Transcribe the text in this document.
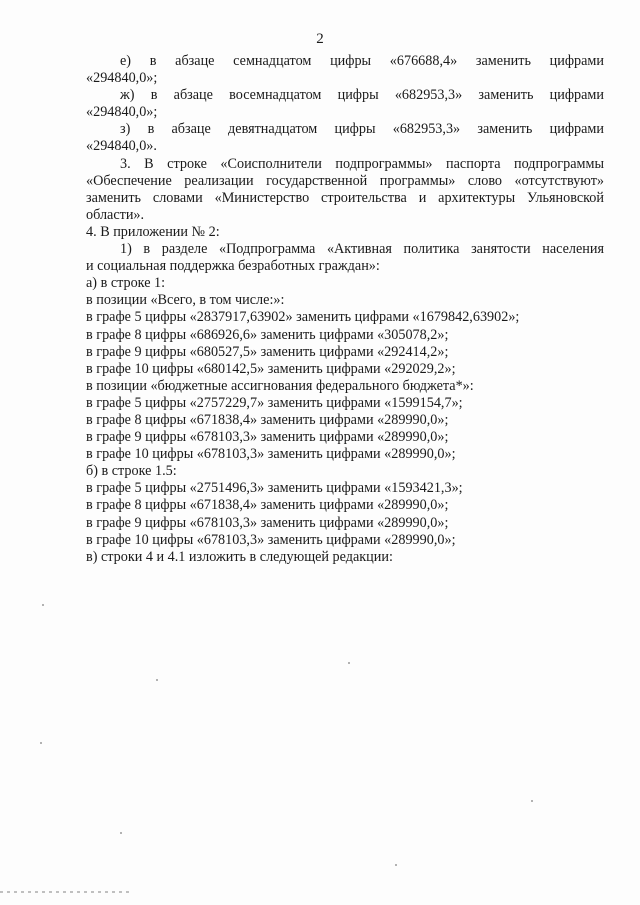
2

е) в абзаце семнадцатом цифры «676688,4» заменить цифрами

«294840,0»;

ж) в абзаце восемнадцатом цифры «682953,3» заменить цифрами

«294840,0»;

з) в абзаце девятнадцатом цифры «682953,3» заменить цифрами

«294840,0».

3. В строке «Соисполнители подпрограммы» паспорта подпрограммы

«Обеспечение реализации государственной программы» слово «отсутствуют»

заменить словами «Министерство строительства и архитектуры Ульяновской

области».

4. В приложении № 2:

1) в разделе «Подпрограмма «Активная политика занятости населения

и социальная поддержка безработных граждан»:

а) в строке 1:

в позиции «Всего, в том числе:»:

в графе 5 цифры «2837917,63902» заменить цифрами «1679842,63902»;

в графе 8 цифры «686926,6» заменить цифрами «305078,2»;

в графе 9 цифры «680527,5» заменить цифрами «292414,2»;

в графе 10 цифры «680142,5» заменить цифрами «292029,2»;

в позиции «бюджетные ассигнования федерального бюджета*»:

в графе 5 цифры «2757229,7» заменить цифрами «1599154,7»;

в графе 8 цифры «671838,4» заменить цифрами «289990,0»;

в графе 9 цифры «678103,3» заменить цифрами «289990,0»;

в графе 10 цифры «678103,3» заменить цифрами «289990,0»;

б) в строке 1.5:

в графе 5 цифры «2751496,3» заменить цифрами «1593421,3»;

в графе 8 цифры «671838,4» заменить цифрами «289990,0»;

в графе 9 цифры «678103,3» заменить цифрами «289990,0»;

в графе 10 цифры «678103,3» заменить цифрами «289990,0»;

в) строки 4 и 4.1 изложить в следующей редакции:
